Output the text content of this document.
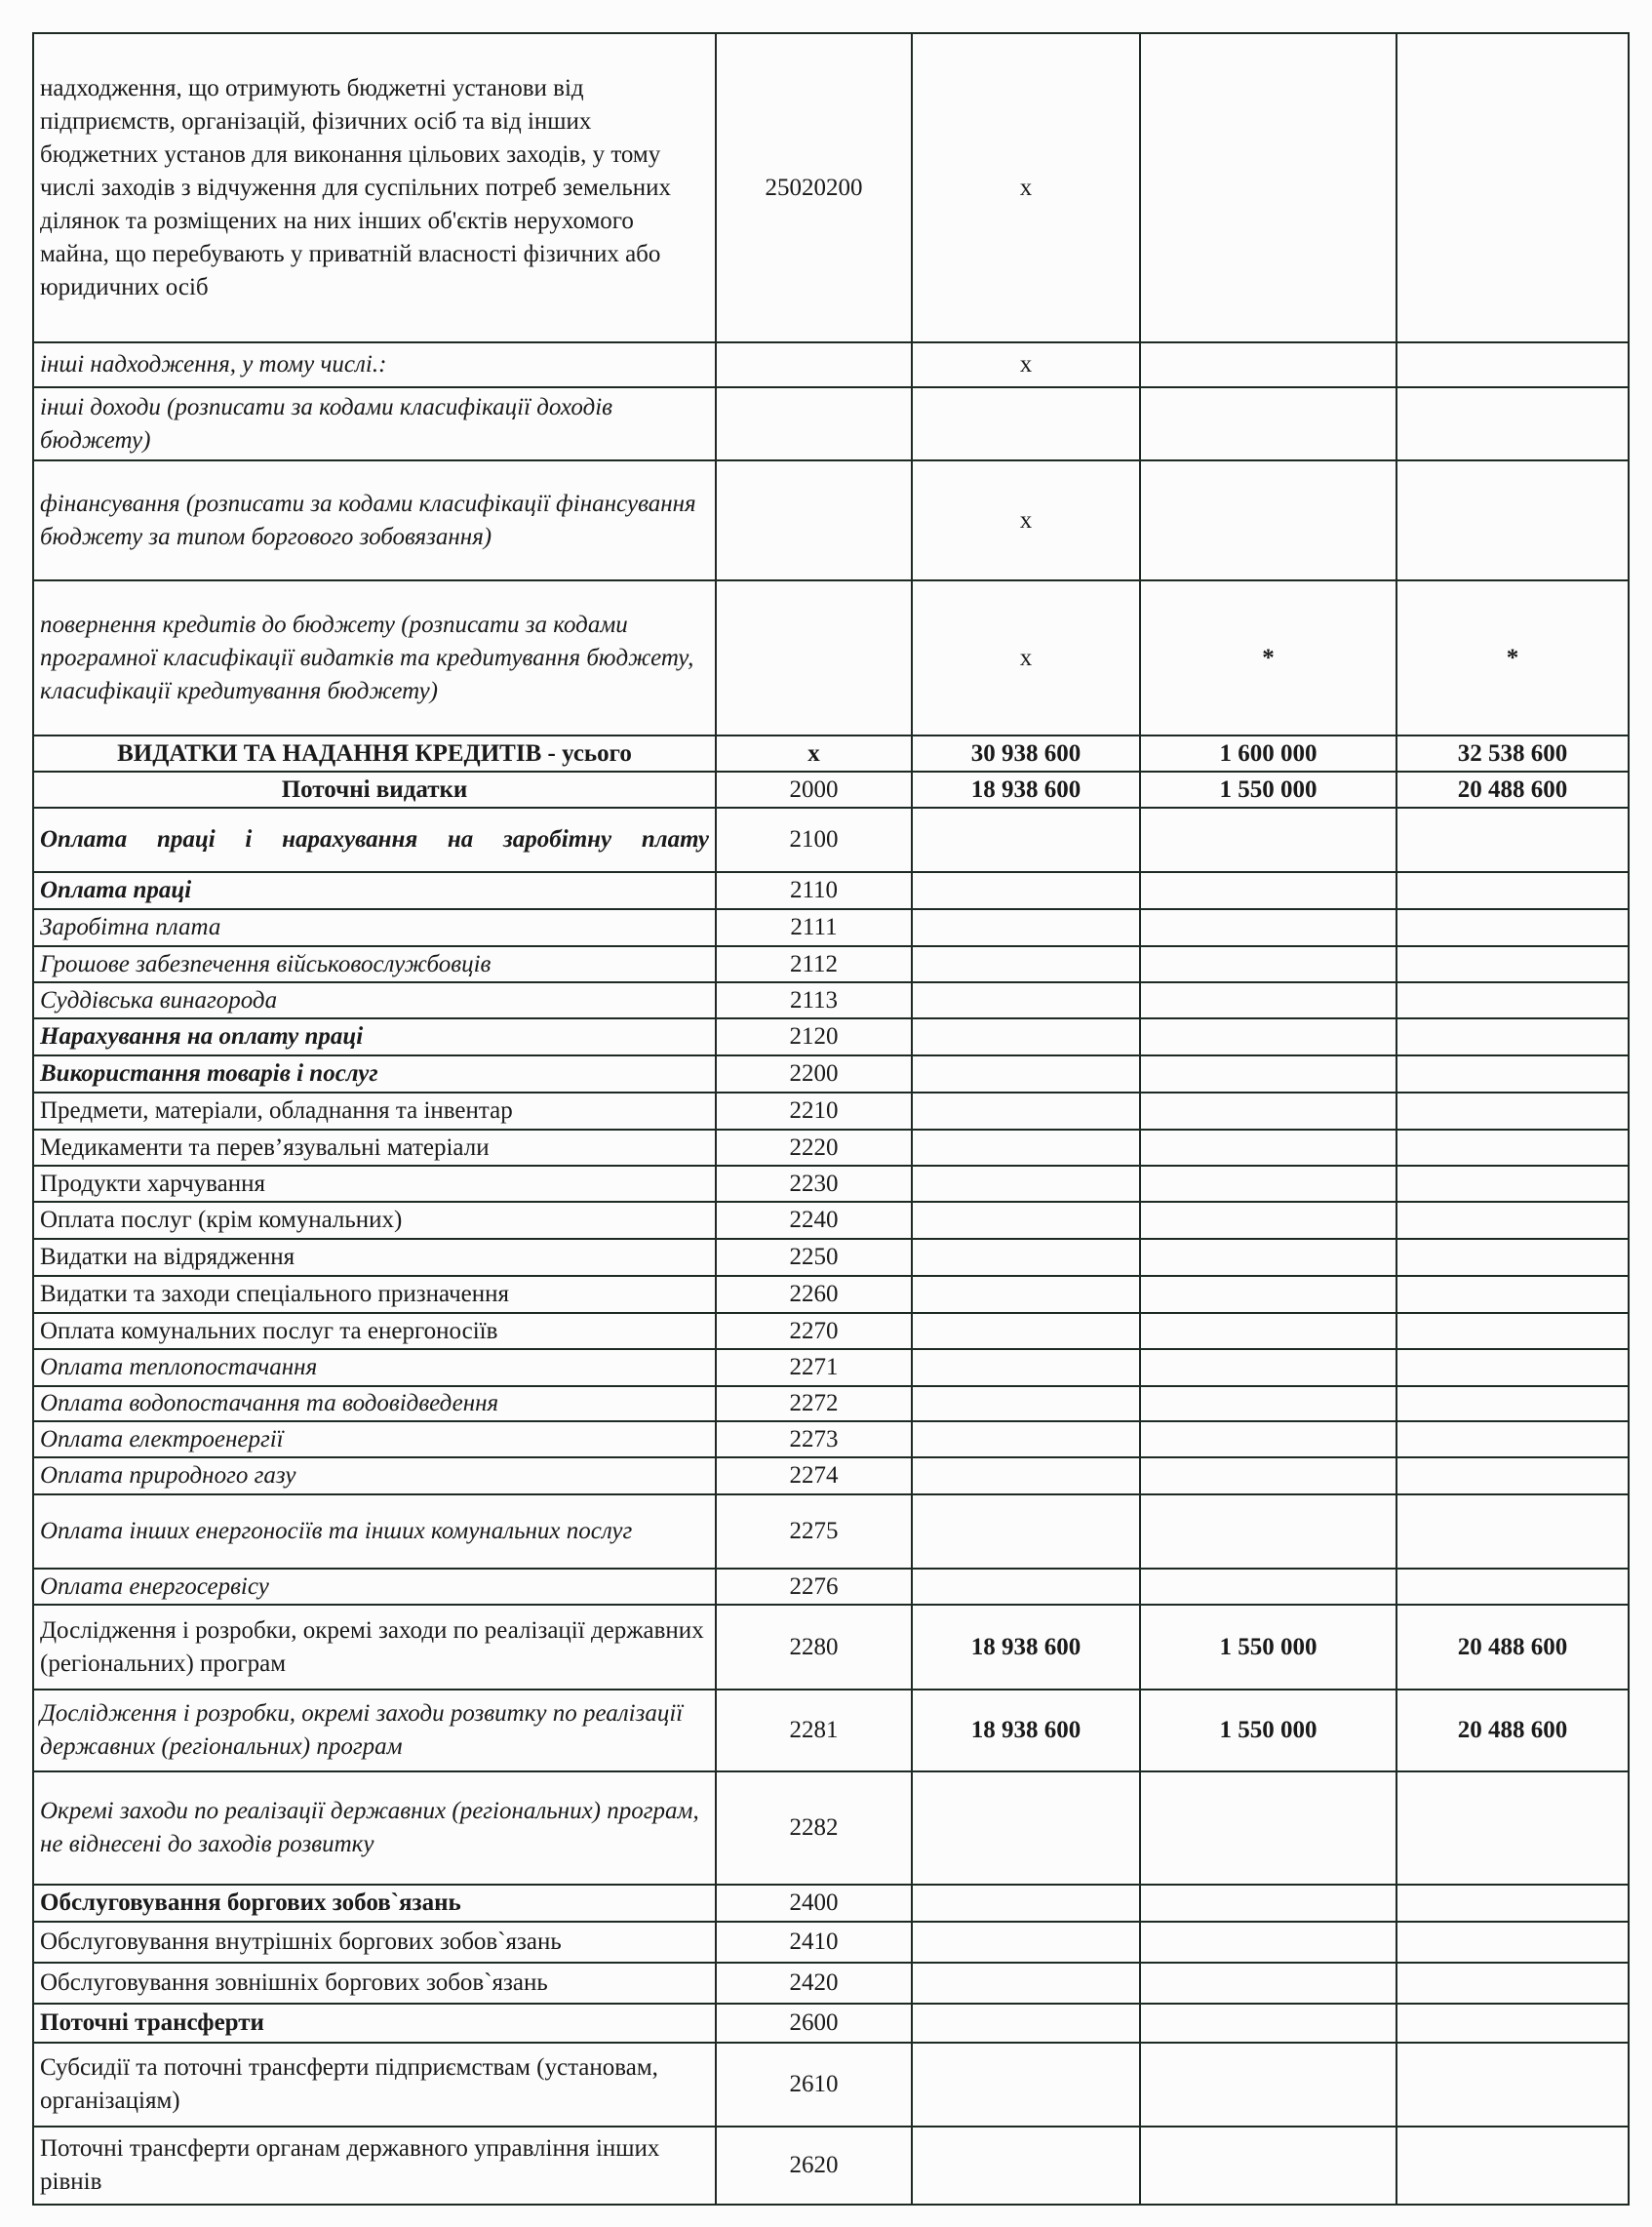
надходження, що отримують бюджетні установи від підприємств, організацій, фізичних осіб та від інших бюджетних установ для виконання цільових заходів, у тому числі заходів з відчуження для суспільних потреб земельних ділянок та розміщених на них інших об'єктів нерухомого майна, що перебувають у приватній власності фізичних або юридичних осіб	25020200	x		
інші надходження, у тому числі.:		x		
інші доходи (розписати за кодами класифікації доходів бюджету)				
фінансування (розписати за кодами класифікації фінансування бюджету за типом боргового зобовязання)		x		
повернення кредитів до бюджету (розписати за кодами програмної класифікації видатків та кредитування бюджету, класифікації кредитування бюджету)		x	*	*
ВИДАТКИ ТА НАДАННЯ КРЕДИТІВ - усього	x	30 938 600	1 600 000	32 538 600
Поточні видатки	2000	18 938 600	1 550 000	20 488 600
Оплата праці і нарахування на заробітну плату	2100			
Оплата праці	2110			
Заробітна плата	2111			
Грошове забезпечення військовослужбовців	2112			
Суддівська винагорода	2113			
Нарахування на оплату праці	2120			
Використання товарів і послуг	2200			
Предмети, матеріали, обладнання та інвентар	2210			
Медикаменти та перев’язувальні матеріали	2220			
Продукти харчування	2230			
Оплата послуг (крім комунальних)	2240			
Видатки на відрядження	2250			
Видатки та заходи спеціального призначення	2260			
Оплата комунальних послуг та енергоносіїв	2270			
Оплата теплопостачання	2271			
Оплата водопостачання та водовідведення	2272			
Оплата електроенергії	2273			
Оплата природного газу	2274			
Оплата інших енергоносіїв та інших комунальних послуг	2275			
Оплата енергосервісу	2276			
Дослідження і розробки, окремі заходи по реалізації державних (регіональних) програм	2280	18 938 600	1 550 000	20 488 600
Дослідження і розробки, окремі заходи розвитку по реалізації державних (регіональних) програм	2281	18 938 600	1 550 000	20 488 600
Окремі заходи по реалізації державних (регіональних) програм, не віднесені до заходів розвитку	2282			
Обслуговування боргових зобов`язань	2400			
Обслуговування внутрішніх боргових зобов`язань	2410			
Обслуговування зовнішніх боргових зобов`язань	2420			
Поточні трансферти	2600			
Субсидії та поточні трансферти підприємствам (установам, організаціям)	2610			
Поточні трансферти органам державного управління інших рівнів	2620			
